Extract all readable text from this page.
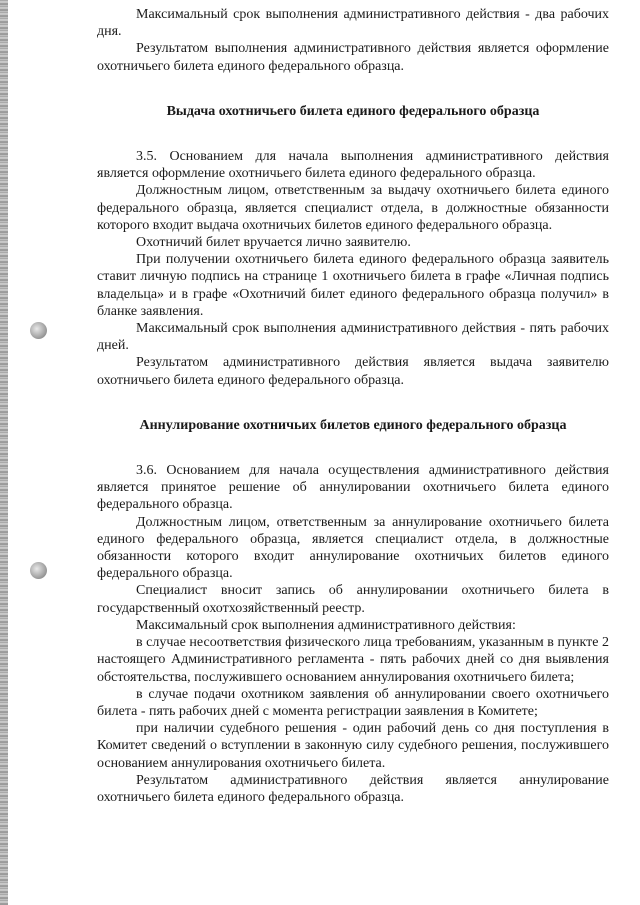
Максимальный срок выполнения административного действия - два рабочих дня.

Результатом выполнения административного действия является оформление охотничьего билета единого федерального образца.

Выдача охотничьего билета единого федерального образца

3.5. Основанием для начала выполнения административного действия является оформление охотничьего билета единого федерального образца.

Должностным лицом, ответственным за выдачу охотничьего билета единого федерального образца, является специалист отдела, в должностные обязанности которого входит выдача охотничьих билетов единого федерального образца.

Охотничий билет вручается лично заявителю.

При получении охотничьего билета единого федерального образца заявитель ставит личную подпись на странице 1 охотничьего билета в графе «Личная подпись владельца» и в графе «Охотничий билет единого федерального образца получил» в бланке заявления.

Максимальный срок выполнения административного действия - пять рабочих дней.

Результатом административного действия является выдача заявителю охотничьего билета единого федерального образца.

Аннулирование охотничьих билетов единого федерального образца

3.6. Основанием для начала осуществления административного действия является принятое решение об аннулировании охотничьего билета единого федерального образца.

Должностным лицом, ответственным за аннулирование охотничьего билета единого федерального образца, является специалист отдела, в должностные обязанности которого входит аннулирование охотничьих билетов единого федерального образца.

Специалист вносит запись об аннулировании охотничьего билета в государственный охотхозяйственный реестр.

Максимальный срок выполнения административного действия:

в случае несоответствия физического лица требованиям, указанным в пункте 2 настоящего Административного регламента - пять рабочих дней со дня выявления обстоятельства, послужившего основанием аннулирования охотничьего билета;

в случае подачи охотником заявления об аннулировании своего охотничьего билета - пять рабочих дней с момента регистрации заявления в Комитете;

при наличии судебного решения - один рабочий день со дня поступления в Комитет сведений о вступлении в законную силу судебного решения, послужившего основанием аннулирования охотничьего билета.

Результатом административного действия является аннулирование охотничьего билета единого федерального образца.
